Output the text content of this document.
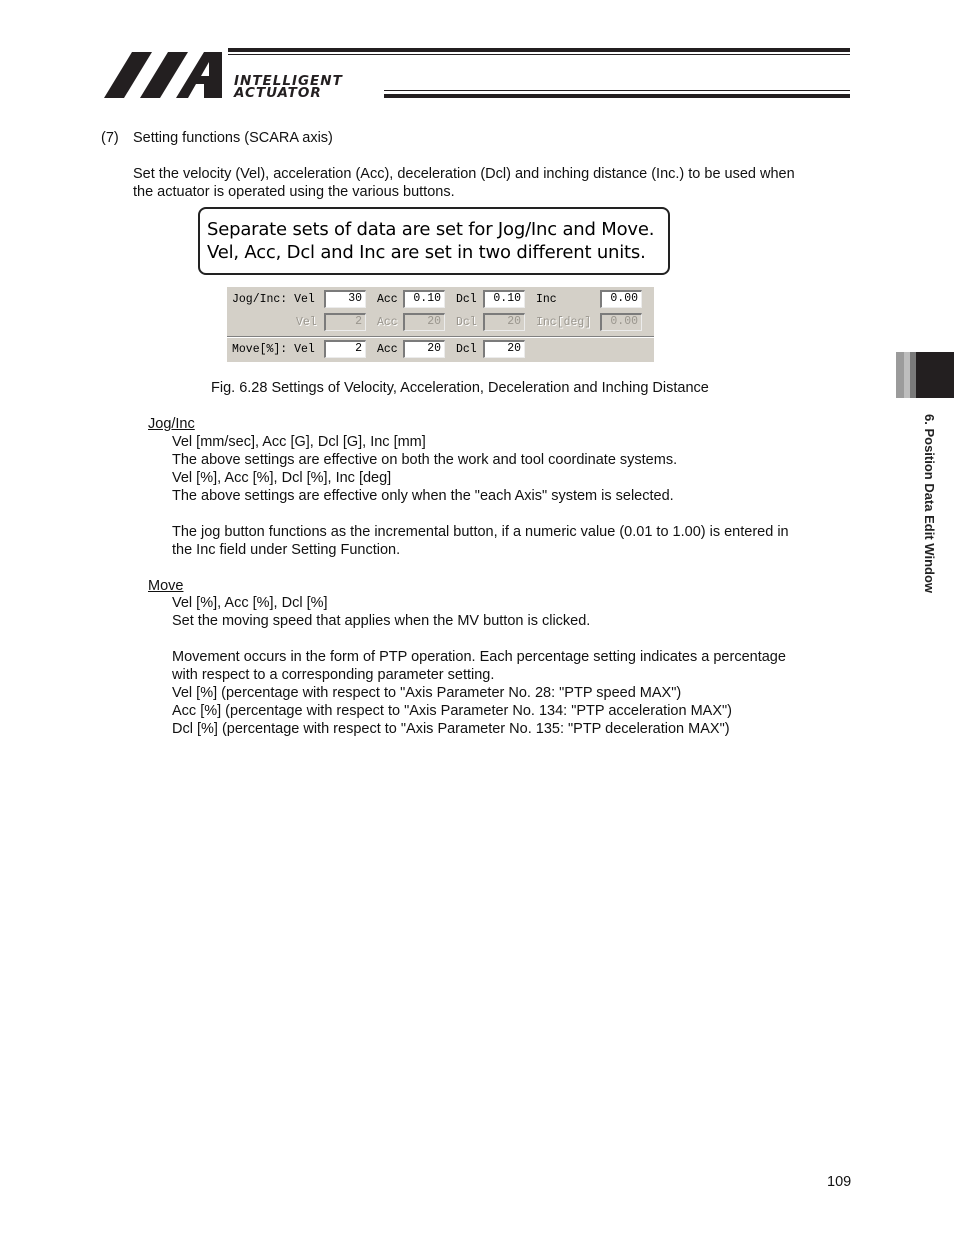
INTELLIGENT
ACTUATOR
(7) Setting functions (SCARA axis)
Set the velocity (Vel), acceleration (Acc), deceleration (Dcl) and inching distance (Inc.) to be used when
the actuator is operated using the various buttons.
Separate sets of data are set for Jog/Inc and Move.
Vel, Acc, Dcl and Inc are set in two different units.
Jog/Inc: Vel	30	Acc	0.10	Dcl	0.10	Inc	0.00
Vel	2	Acc	20	Dcl	20	Inc[deg]	0.00
Move[%]: Vel	2	Acc	20	Dcl	20
Fig. 6.28 Settings of Velocity, Acceleration, Deceleration and Inching Distance
Jog/Inc
Vel [mm/sec], Acc [G], Dcl [G], Inc [mm]
The above settings are effective on both the work and tool coordinate systems.
Vel [%], Acc [%], Dcl [%], Inc [deg]
The above settings are effective only when the "each Axis" system is selected.
The jog button functions as the incremental button, if a numeric value (0.01 to 1.00) is entered in
the Inc field under Setting Function.
Move
Vel [%], Acc [%], Dcl [%]
Set the moving speed that applies when the MV button is clicked.
Movement occurs in the form of PTP operation. Each percentage setting indicates a percentage
with respect to a corresponding parameter setting.
Vel [%] (percentage with respect to "Axis Parameter No. 28: "PTP speed MAX")
Acc [%] (percentage with respect to "Axis Parameter No. 134: "PTP acceleration MAX")
Dcl [%] (percentage with respect to "Axis Parameter No. 135: "PTP deceleration MAX")
6. Position Data Edit Window
109
